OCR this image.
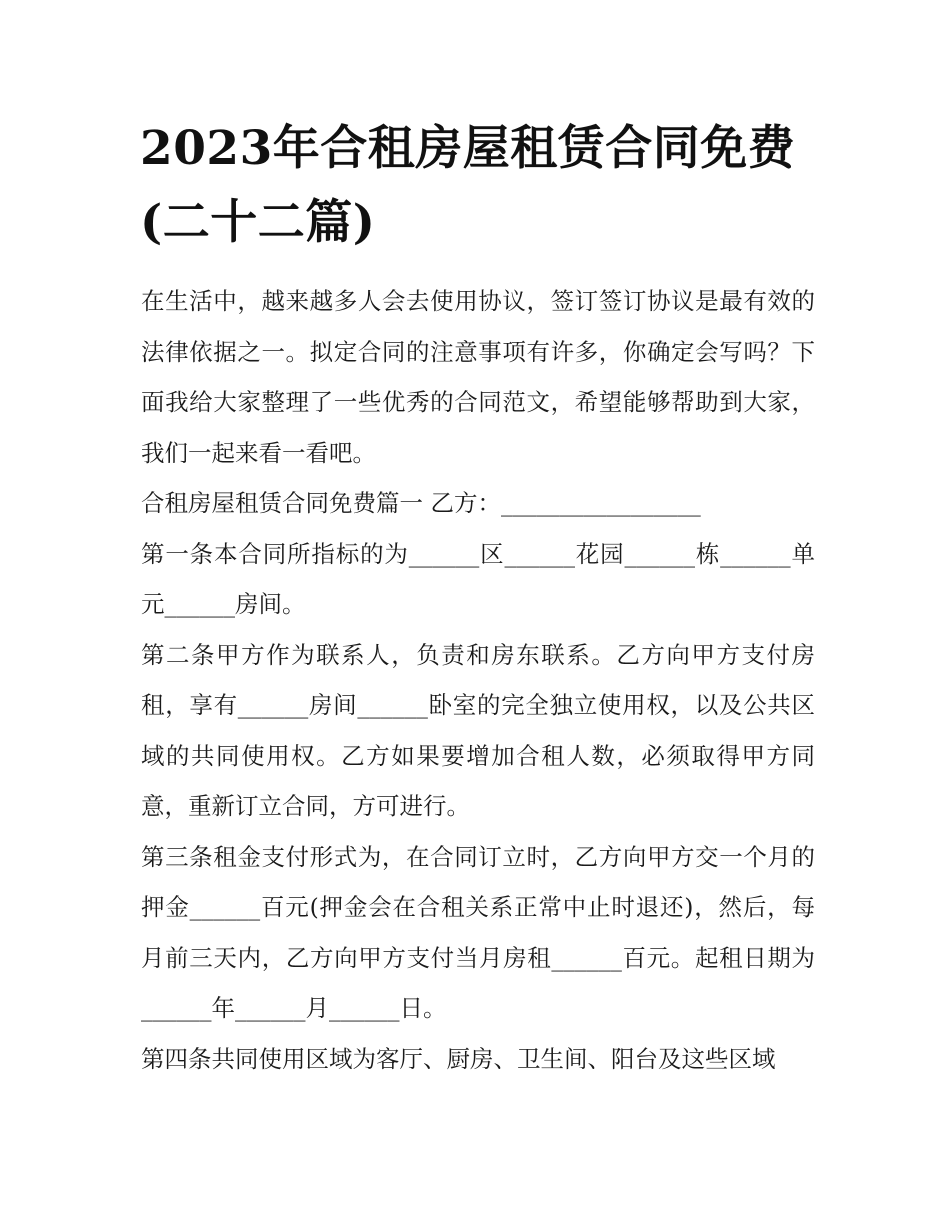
2023年合租房屋租赁合同免费
(二十二篇)

在生活中，越来越多人会去使用协议，签订签订协议是最有效的法律依据之一。拟定合同的注意事项有许多，你确定会写吗？下面我给大家整理了一些优秀的合同范文，希望能够帮助到大家，我们一起来看一看吧。

合租房屋租赁合同免费篇一 乙方：_________________

第一条本合同所指标的为______区______花园______栋______单元______房间。

第二条甲方作为联系人，负责和房东联系。乙方向甲方支付房租，享有______房间______卧室的完全独立使用权，以及公共区域的共同使用权。乙方如果要增加合租人数，必须取得甲方同意，重新订立合同，方可进行。

第三条租金支付形式为，在合同订立时，乙方向甲方交一个月的押金______百元(押金会在合租关系正常中止时退还)，然后，每月前三天内，乙方向甲方支付当月房租______百元。起租日期为______年______月______日。

第四条共同使用区域为客厅、厨房、卫生间、阳台及这些区域
